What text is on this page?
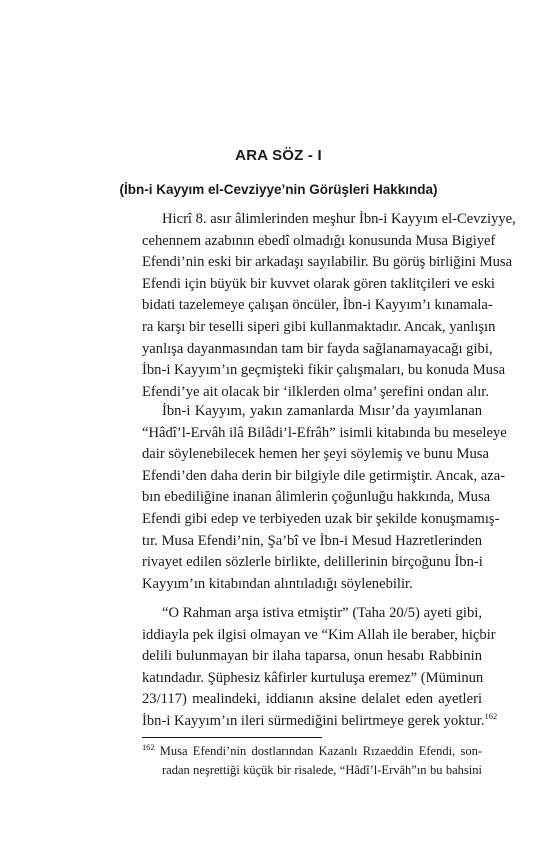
ARA SÖZ - I
(İbn-i Kayyım el-Cevziyye’nin Görüşleri Hakkında)
Hicrî 8. asır âlimlerinden meşhur İbn-i Kayyım el-Cevziyye,
cehennem azabının ebedî olmadığı konusunda Musa Bigiyef
Efendi’nin eski bir arkadaşı sayılabilir. Bu görüş birliğini Musa
Efendi için büyük bir kuvvet olarak gören taklitçileri ve eski
bidati tazelemeye çalışan öncüler, İbn-i Kayyım’ı kınamala-
ra karşı bir teselli siperi gibi kullanmaktadır. Ancak, yanlışın
yanlışa dayanmasından tam bir fayda sağlanamayacağı gibi,
İbn-i Kayyım’ın geçmişteki fikir çalışmaları, bu konuda Musa
Efendi’ye ait olacak bir ‘ilklerden olma’ şerefini ondan alır.
İbn-i Kayyım, yakın zamanlarda Mısır’da yayımlanan
“Hâdî’l-Ervâh ilâ Bilâdi’l-Efrâh” isimli kitabında bu meseleye
dair söylenebilecek hemen her şeyi söylemiş ve bunu Musa
Efendi’den daha derin bir bilgiyle dile getirmiştir. Ancak, aza-
bın ebediliğine inanan âlimlerin çoğunluğu hakkında, Musa
Efendi gibi edep ve terbiyeden uzak bir şekilde konuşmamış-
tır. Musa Efendi’nin, Şa’bî ve İbn-i Mesud Hazretlerinden
rivayet edilen sözlerle birlikte, delillerinin birçoğunu İbn-i
Kayyım’ın kitabından alıntıladığı söylenebilir.
“O Rahman arşa istiva etmiştir” (Taha 20/5) ayeti gibi,
iddiayla pek ilgisi olmayan ve “Kim Allah ile beraber, hiçbir
delili bulunmayan bir ilaha taparsa, onun hesabı Rabbinin
katındadır. Şüphesiz kâfirler kurtuluşa eremez” (Müminun
23/117) mealindeki, iddianın aksine delalet eden ayetleri
İbn-i Kayyım’ın ileri sürmediğini belirtmeye gerek yoktur.$^{162}$
$^{162}$ Musa Efendi’nin dostlarından Kazanlı Rızaeddin Efendi, son-
radan neşrettiği küçük bir risalede, “Hâdî’l-Ervâh”ın bu bahsini
